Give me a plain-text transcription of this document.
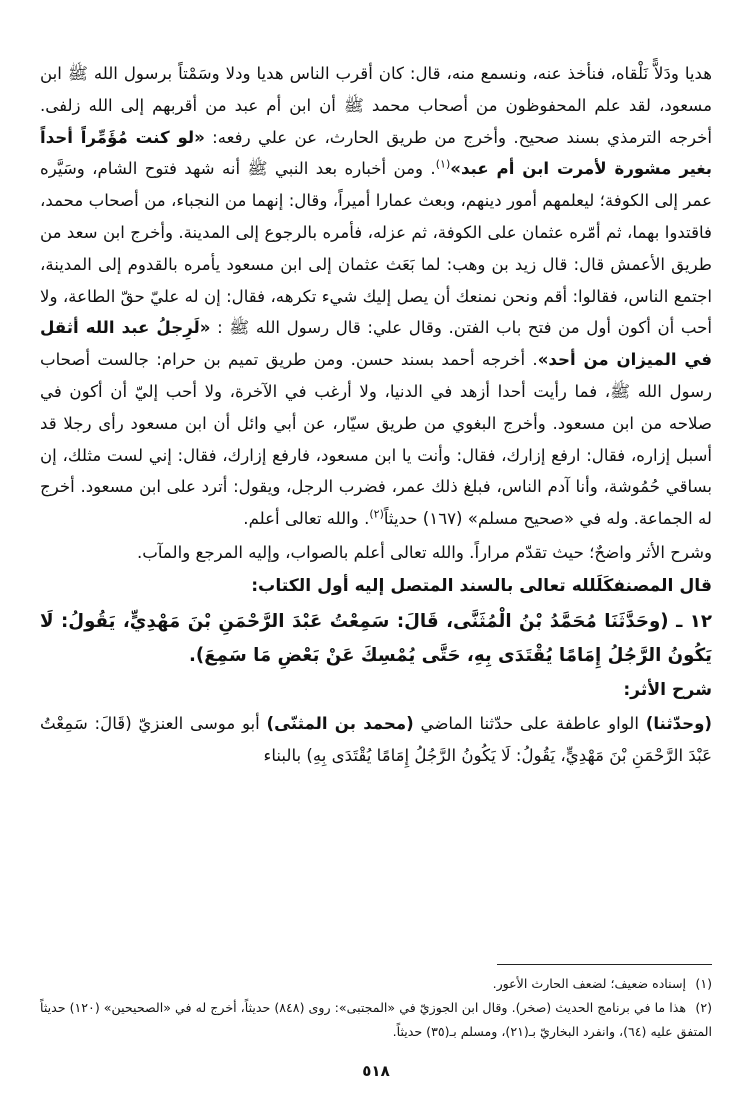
هديا ودَلاًّ نَلْقاه، فنأخذ عنه، ونسمع منه، قال: كان أقرب الناس هديا ودلا وسَمْتاً برسول الله ﷺ ابن مسعود، لقد علم المحفوظون من أصحاب محمد ﷺ أن ابن أم عبد من أقربهم إلى الله زلفى. أخرجه الترمذي بسند صحيح. وأخرج من طريق الحارث، عن علي رفعه: «لو كنت مُؤَمِّراً أحداً بغير مشورة لأمرت ابن أم عبد»$^{(١)}$. ومن أخباره بعد النبي ﷺ أنه شهد فتوح الشام، وسَيَّره عمر إلى الكوفة؛ ليعلمهم أمور دينهم، وبعث عمارا أميراً، وقال: إنهما من النجباء، من أصحاب محمد، فاقتدوا بهما، ثم أمّره عثمان على الكوفة، ثم عزله، فأمره بالرجوع إلى المدينة. وأخرج ابن سعد من طريق الأعمش قال: قال زيد بن وهب: لما بَعَث عثمان إلى ابن مسعود يأمره بالقدوم إلى المدينة، اجتمع الناس، فقالوا: أقم ونحن نمنعك أن يصل إليك شيء تكرهه، فقال: إن له عليّ حقّ الطاعة، ولا أحب أن أكون أول من فتح باب الفتن. وقال علي: قال رسول الله ﷺ : «لَرِجلُ عبد الله أثقل في الميزان من أحد». أخرجه أحمد بسند حسن. ومن طريق تميم بن حرام: جالست أصحاب رسول الله ﷺ، فما رأيت أحدا أزهد في الدنيا، ولا أرغب في الآخرة، ولا أحب إليّ أن أكون في صلاحه من ابن مسعود. وأخرج البغوي من طريق سيّار، عن أبي وائل أن ابن مسعود رأى رجلا قد أسبل إزاره، فقال: ارفع إزارك، فقال: وأنت يا ابن مسعود، فارفع إزارك، فقال: إني لست مثلك، إن بساقي حُمُوشة، وأنا آدم الناس، فبلغ ذلك عمر، فضرب الرجل، ويقول: أترد على ابن مسعود. أخرج له الجماعة. وله في «صحيح مسلم» (١٦٧) حديثاً$^{(٢)}$. والله تعالى أعلم.

وشرح الأثر واضحٌ؛ حيث تقدّم مراراً. والله تعالى أعلم بالصواب، وإليه المرجع والمآب.

قال المصنفكَلَلله تعالى بالسند المتصل إليه أول الكتاب:

١٢ ـ (وحَدَّثَنَا مُحَمَّدُ بْنُ الْمُثَنَّى، قَالَ: سَمِعْتُ عَبْدَ الرَّحْمَنِ بْنَ مَهْدِيٍّ، يَقُولُ: لَا يَكُونُ الرَّجُلُ إِمَامًا يُقْتَدَى بِهِ، حَتَّى يُمْسِكَ عَنْ بَعْضِ مَا سَمِعَ).

شرح الأثر:

(وحدّثنا) الواو عاطفة على حدّثنا الماضي (محمد بن المثنّى) أبو موسى العنزيّ (قَالَ: سَمِعْتُ عَبْدَ الرَّحْمَنِ بْنَ مَهْدِيٍّ، يَقُولُ: لَا يَكُونُ الرَّجُلُ إِمَامًا يُقْتَدَى بِهِ) بالبناء

(١)إسناده ضعيف؛ لضعف الحارث الأعور.

(٢)هذا ما في برنامج الحديث (صخر). وقال ابن الجوزيّ في «المجتبى»: روى (٨٤٨) حديثاً، أخرج له في «الصحيحين» (١٢٠) حديثاً المتفق عليه (٦٤)، وانفرد البخاريّ بـ(٢١)، ومسلم بـ(٣٥) حديثاً.

٥١٨
